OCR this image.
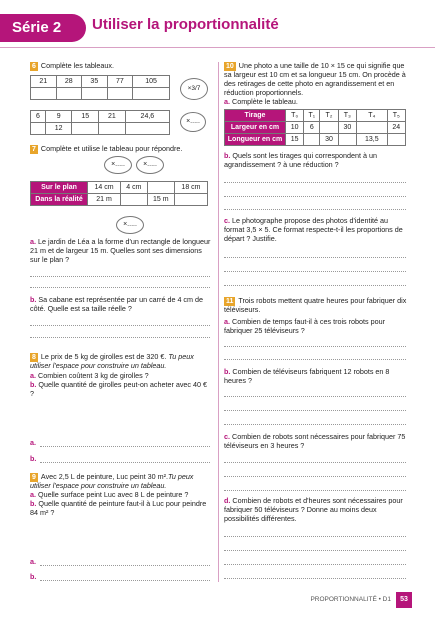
Série 2	Utiliser la proportionnalité
6 Complète les tableaux.
21	28	35	77	105

×3/7
6	9	15	21	24,6
	12			
×.....
7 Complète et utilise le tableau pour répondre.
×.....	×.....
Sur le plan	14 cm	4 cm		18 cm
Dans la réalité	21 m		15 m	
×.....
a. Le jardin de Léa a la forme d'un rectangle de longueur 21 m et de largeur 15 m. Quelles sont ses dimensions sur le plan ?
b. Sa cabane est représentée par un carré de 4 cm de côté. Quelle est sa taille réelle ?
8 Le prix de 5 kg de girolles est de 320 €. Tu peux utiliser l'espace pour construire un tableau.
a. Combien coûtent 3 kg de girolles ?
b. Quelle quantité de girolles peut-on acheter avec 40 € ?
a.
b.
9 Avec 2,5 L de peinture, Luc peint 30 m².Tu peux utiliser l'espace pour construire un tableau.
a. Quelle surface peint Luc avec 8 L de peinture ?
b. Quelle quantité de peinture faut-il à Luc pour peindre 84 m² ?
a.
b.
10 Une photo a une taille de 10 × 15 ce qui signifie que sa largeur est 10 cm et sa longueur 15 cm. On procède à des retirages de cette photo en agrandissement et en réduction proportionnels.
a. Complète le tableau.
Tirage	T₀	T₁	T₂	T₃	T₄	T₅
Largeur en cm	10	6		30		24
Longueur en cm	15		30		13,5	
b. Quels sont les tirages qui correspondent à un agrandissement ? à une réduction ?
c. Le photographe propose des photos d'identité au format 3,5 × 5. Ce format respecte-t-il les proportions de départ ? Justifie.
11 Trois robots mettent quatre heures pour fabriquer dix téléviseurs.
a. Combien de temps faut-il à ces trois robots pour fabriquer 25 téléviseurs ?
b. Combien de téléviseurs fabriquent 12 robots en 8 heures ?
c. Combien de robots sont nécessaires pour fabriquer 75 téléviseurs en 3 heures ?
d. Combien de robots et d'heures sont nécessaires pour fabriquer 50 téléviseurs ? Donne au moins deux possibilités différentes.
PROPORTIONNALITÉ • D1	53
